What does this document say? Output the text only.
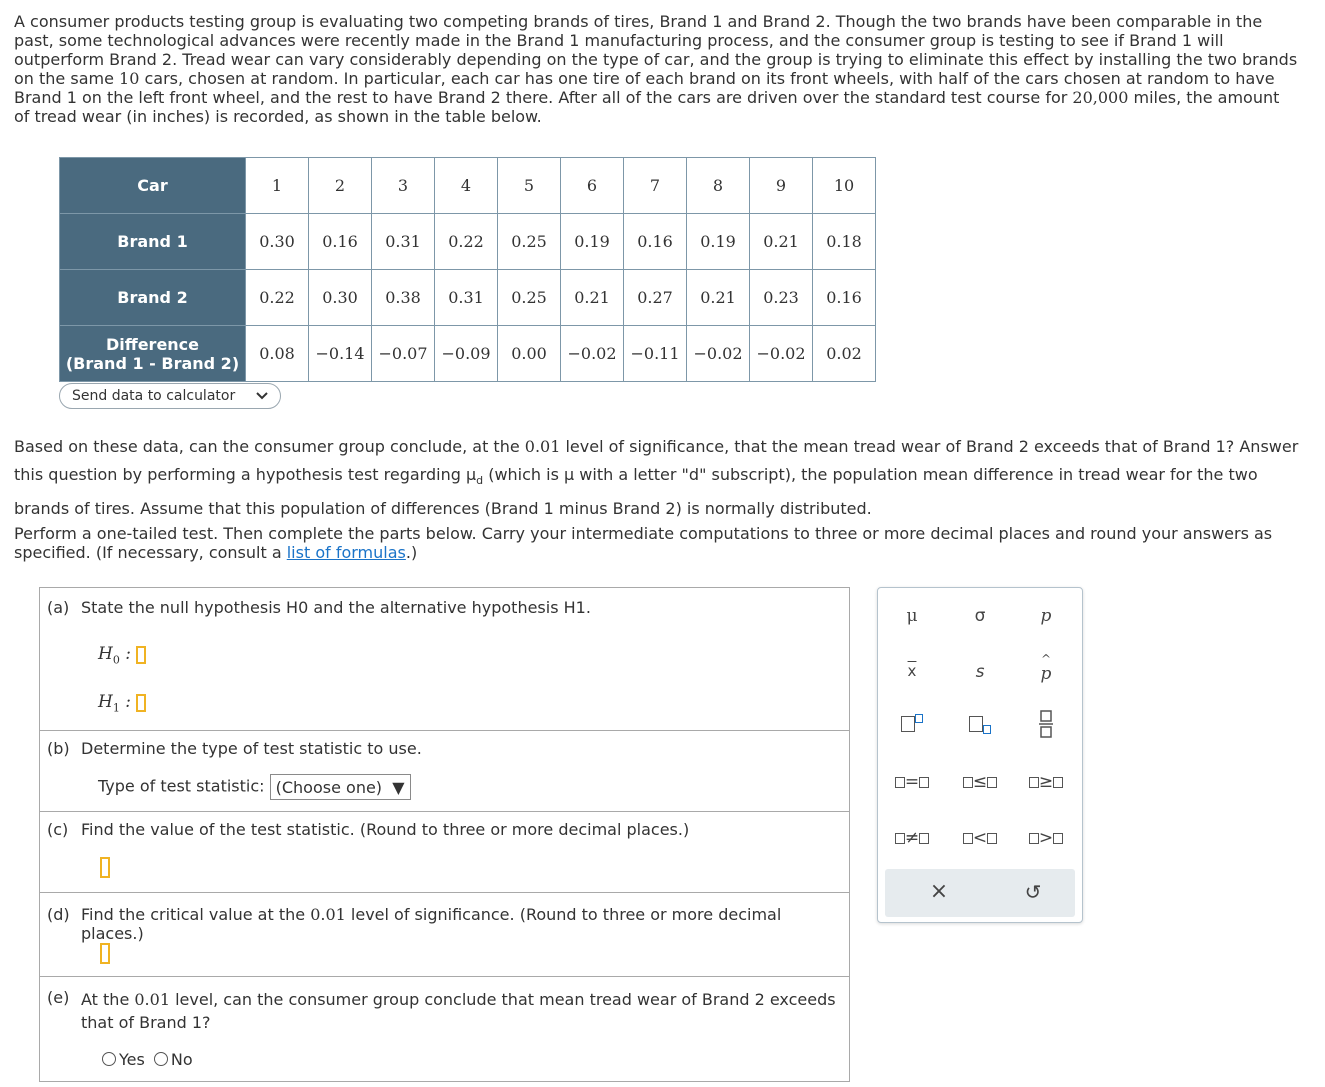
A consumer products testing group is evaluating two competing brands of tires, Brand 1 and Brand 2. Though the two brands have been comparable in the past, some technological advances were recently made in the Brand 1 manufacturing process, and the consumer group is testing to see if Brand 1 will outperform Brand 2. Tread wear can vary considerably depending on the type of car, and the group is trying to eliminate this effect by installing the two brands on the same 10 cars, chosen at random. In particular, each car has one tire of each brand on its front wheels, with half of the cars chosen at random to have Brand 1 on the left front wheel, and the rest to have Brand 2 there. After all of the cars are driven over the standard test course for 20,000 miles, the amount of tread wear (in inches) is recorded, as shown in the table below.

Car	1	2	3	4	5	6	7	8	9	10
Brand 1	0.30	0.16	0.31	0.22	0.25	0.19	0.16	0.19	0.21	0.18
Brand 2	0.22	0.30	0.38	0.31	0.25	0.21	0.27	0.21	0.23	0.16
Difference
(Brand 1 - Brand 2)	0.08	−0.14	−0.07	−0.09	0.00	−0.02	−0.11	−0.02	−0.02	0.02
Send data to calculator

Based on these data, can the consumer group conclude, at the 0.01 level of significance, that the mean tread wear of Brand 2 exceeds that of Brand 1? Answer this question by performing a hypothesis test regarding $\mu_d$ (which is μ with a letter "d" subscript), the population mean difference in tread wear for the two brands of tires. Assume that this population of differences (Brand 1 minus Brand 2) is normally distributed.

Perform a one-tailed test. Then complete the parts below. Carry your intermediate computations to three or more decimal places and round your answers as specified. (If necessary, consult a list of formulas.)

(a) State the null hypothesis H0 and the alternative hypothesis H1.
$H_0$ :
$H_1$ :
(b) Determine the type of test statistic to use.
Type of test statistic: (Choose one)  ▼
(c) Find the value of the test statistic. (Round to three or more decimal places.)
(d) Find the critical value at the 0.01 level of significance. (Round to three or more decimal places.)
(e) At the 0.01 level, can the consumer group conclude that mean tread wear of Brand 2 exceeds that of Brand 1?
Yes No
μ	σ	p
$\overline{x}$	s
^
p
=	≤	≥
≠	<	>
×	↺
